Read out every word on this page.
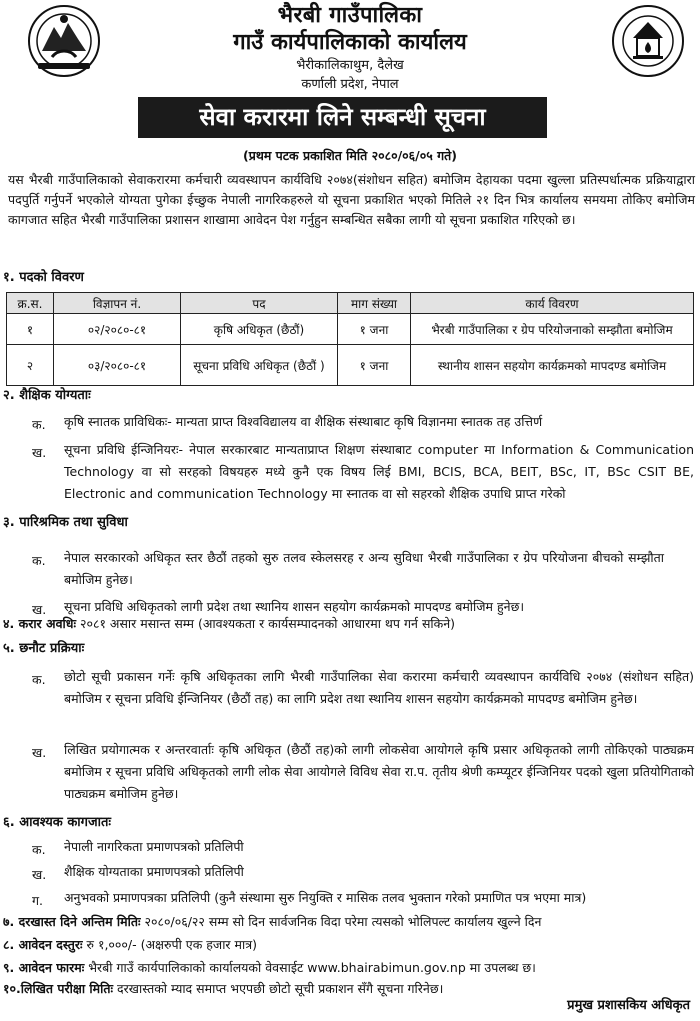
भैरबी गाउँपालिका
गाउँ कार्यपालिकाको कार्यालय
भैरीकालिकाथुम, दैलेख
कर्णाली प्रदेश, नेपाल
सेवा करारमा लिने सम्बन्धी सूचना
(प्रथम पटक प्रकाशित मिति २०८०/०६/०५ गते)
यस भैरबी गाउँपालिकाको सेवाकरारमा कर्मचारी व्यवस्थापन कार्यविधि २०७४(संशोधन सहित) बमोजिम देहायका पदमा खुल्ला प्रतिस्पर्धात्मक प्रक्रियाद्वारा पदपुर्ति गर्नुपर्ने भएकोले योग्यता पुगेका ईच्छुक नेपाली नागरिकहरुले यो सूचना प्रकाशित भएको मितिले २१ दिन भित्र कार्यालय समयमा तोकिए बमोजिम कागजात सहित भैरबी गाउँपालिका प्रशासन शाखामा आवेदन पेश गर्नुहुन सम्बन्धित सबैका लागी यो सूचना प्रकाशित गरिएको छ।
१. पदको विवरण
क्र.स.	विज्ञापन नं.	पद	माग संख्या	कार्य विवरण
१	०२/२०८०-८१	कृषि अधिकृत (छैठौं)	१ जना	भैरबी गाउँपालिका र ग्रेप परियोजनाको सम्झौता बमोजिम
२	०३/२०८०-८१	सूचना प्रविधि अधिकृत (छैठौं )	१ जना	स्थानीय शासन सहयोग कार्यक्रमको मापदण्ड बमोजिम
२. शैक्षिक योग्यताः
क. कृषि स्नातक प्राविधिकः- मान्यता प्राप्त विश्वविद्यालय वा शैक्षिक संस्थाबाट कृषि विज्ञानमा स्नातक तह उत्तिर्ण
ख. सूचना प्रविधि ईन्जिनियरः- नेपाल सरकारबाट मान्यताप्राप्त शिक्षण संस्थाबाट computer मा Information & Communication Technology वा सो सरहको विषयहरु मध्ये कुनै एक विषय लिई BMI, BCIS, BCA, BEIT, BSc, IT, BSc CSIT BE, Electronic and communication Technology मा स्नातक वा सो सहरको शैक्षिक उपाधि प्राप्त गरेको
३. पारिश्रमिक तथा सुविधा
क. नेपाल सरकारको अधिकृत स्तर छैठौं तहको सुरु तलव स्केलसरह र अन्य सुविधा भैरबी गाउँपालिका र ग्रेप परियोजना बीचको सम्झौता बमोजिम हुनेछ।
ख. सूचना प्रविधि अधिकृतको लागी प्रदेश तथा स्थानिय शासन सहयोग कार्यक्रमको मापदण्ड बमोजिम हुनेछ।
४. करार अवधिः २०८१ असार मसान्त सम्म (आवश्यकता र कार्यसम्पादनको आधारमा थप गर्न सकिने)
५. छनौट प्रक्रियाः
क. छोटो सूची प्रकासन गर्नेः कृषि अधिकृतका लागि भैरबी गाउँपालिका सेवा करारमा कर्मचारी व्यवस्थापन कार्यविधि २०७४ (संशोधन सहित) बमोजिम र सूचना प्रविधि ईन्जिनियर (छैठौं तह) का लागि प्रदेश तथा स्थानिय शासन सहयोग कार्यक्रमको मापदण्ड बमोजिम हुनेछ।
ख. लिखित प्रयोगात्मक र अन्तरवार्ताः कृषि अधिकृत (छैठौं तह)को लागी लोकसेवा आयोगले कृषि प्रसार अधिकृतको लागी तोकिएको पाठ्यक्रम बमोजिम र सूचना प्रविधि अधिकृतको लागी लोक सेवा आयोगले विविध सेवा रा.प. तृतीय श्रेणी कम्प्यूटर ईन्जिनियर पदको खुला प्रतियोगिताको पाठ्यक्रम बमोजिम हुनेछ।
६. आवश्यक कागजातः
क. नेपाली नागरिकता प्रमाणपत्रको प्रतिलिपी
ख. शैक्षिक योग्यताका प्रमाणपत्रको प्रतिलिपी
ग. अनुभवको प्रमाणपत्रका प्रतिलिपी (कुनै संस्थामा सुरु नियुक्ति र मासिक तलव भुक्तान गरेको प्रमाणित पत्र भएमा मात्र)
७. दरखास्त दिने अन्तिम मितिः २०८०/०६/२२ सम्म सो दिन सार्वजनिक विदा परेमा त्यसको भोलिपल्ट कार्यालय खुल्ने दिन
८. आवेदन दस्तुरः रु १,०००/- (अक्षरुपी एक हजार मात्र)
९. आवेदन फारमः भैरबी गाउँ कार्यपालिकाको कार्यालयको वेवसाईट www.bhairabimun.gov.np मा उपलब्ध छ।
१०.लिखित परीक्षा मितिः दरखास्तको म्याद समाप्त भएपछी छोटो सूची प्रकाशन सँगै सूचना गरिनेछ।
प्रमुख प्रशासकिय अधिकृत
